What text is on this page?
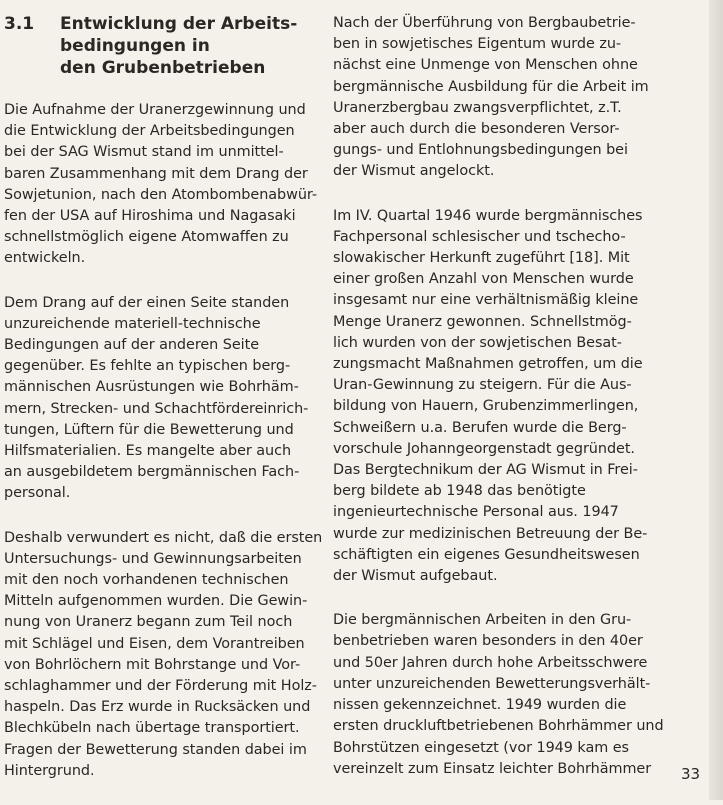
3.1	Entwicklung der Arbeits-
bedingungen in
den Grubenbetrieben
Die Aufnahme der Uranerzgewinnung und
die Entwicklung der Arbeitsbedingungen
bei der SAG Wismut stand im unmittel-
baren Zusammenhang mit dem Drang der
Sowjetunion, nach den Atombombenabwür-
fen der USA auf Hiroshima und Nagasaki
schnellstmöglich eigene Atomwaffen zu
entwickeln.
Dem Drang auf der einen Seite standen
unzureichende materiell-technische
Bedingungen auf der anderen Seite
gegenüber. Es fehlte an typischen berg-
männischen Ausrüstungen wie Bohrhäm-
mern, Strecken- und Schachtfördereinrich-
tungen, Lüftern für die Bewetterung und
Hilfsmaterialien. Es mangelte aber auch
an ausgebildetem bergmännischen Fach-
personal.
Deshalb verwundert es nicht, daß die ersten
Untersuchungs- und Gewinnungsarbeiten
mit den noch vorhandenen technischen
Mitteln aufgenommen wurden. Die Gewin-
nung von Uranerz begann zum Teil noch
mit Schlägel und Eisen, dem Vorantreiben
von Bohrlöchern mit Bohrstange und Vor-
schlaghammer und der Förderung mit Holz-
haspeln. Das Erz wurde in Rucksäcken und
Blechkübeln nach übertage transportiert.
Fragen der Bewetterung standen dabei im
Hintergrund.
Nach der Überführung von Bergbaubetrie-
ben in sowjetisches Eigentum wurde zu-
nächst eine Unmenge von Menschen ohne
bergmännische Ausbildung für die Arbeit im
Uranerzbergbau zwangsverpflichtet, z.T.
aber auch durch die besonderen Versor-
gungs- und Entlohnungsbedingungen bei
der Wismut angelockt.
Im IV. Quartal 1946 wurde bergmännisches
Fachpersonal schlesischer und tschecho-
slowakischer Herkunft zugeführt [18]. Mit
einer großen Anzahl von Menschen wurde
insgesamt nur eine verhältnismäßig kleine
Menge Uranerz gewonnen. Schnellstmög-
lich wurden von der sowjetischen Besat-
zungsmacht Maßnahmen getroffen, um die
Uran-Gewinnung zu steigern. Für die Aus-
bildung von Hauern, Grubenzimmerlingen,
Schweißern u.a. Berufen wurde die Berg-
vorschule Johanngeorgenstadt gegründet.
Das Bergtechnikum der AG Wismut in Frei-
berg bildete ab 1948 das benötigte
ingenieurtechnische Personal aus. 1947
wurde zur medizinischen Betreuung der Be-
schäftigten ein eigenes Gesundheitswesen
der Wismut aufgebaut.
Die bergmännischen Arbeiten in den Gru-
benbetrieben waren besonders in den 40er
und 50er Jahren durch hohe Arbeitsschwere
unter unzureichenden Bewetterungsverhält-
nissen gekennzeichnet. 1949 wurden die
ersten druckluftbetriebenen Bohrhämmer und
Bohrstützen eingesetzt (vor 1949 kam es
vereinzelt zum Einsatz leichter Bohrhämmer 33
